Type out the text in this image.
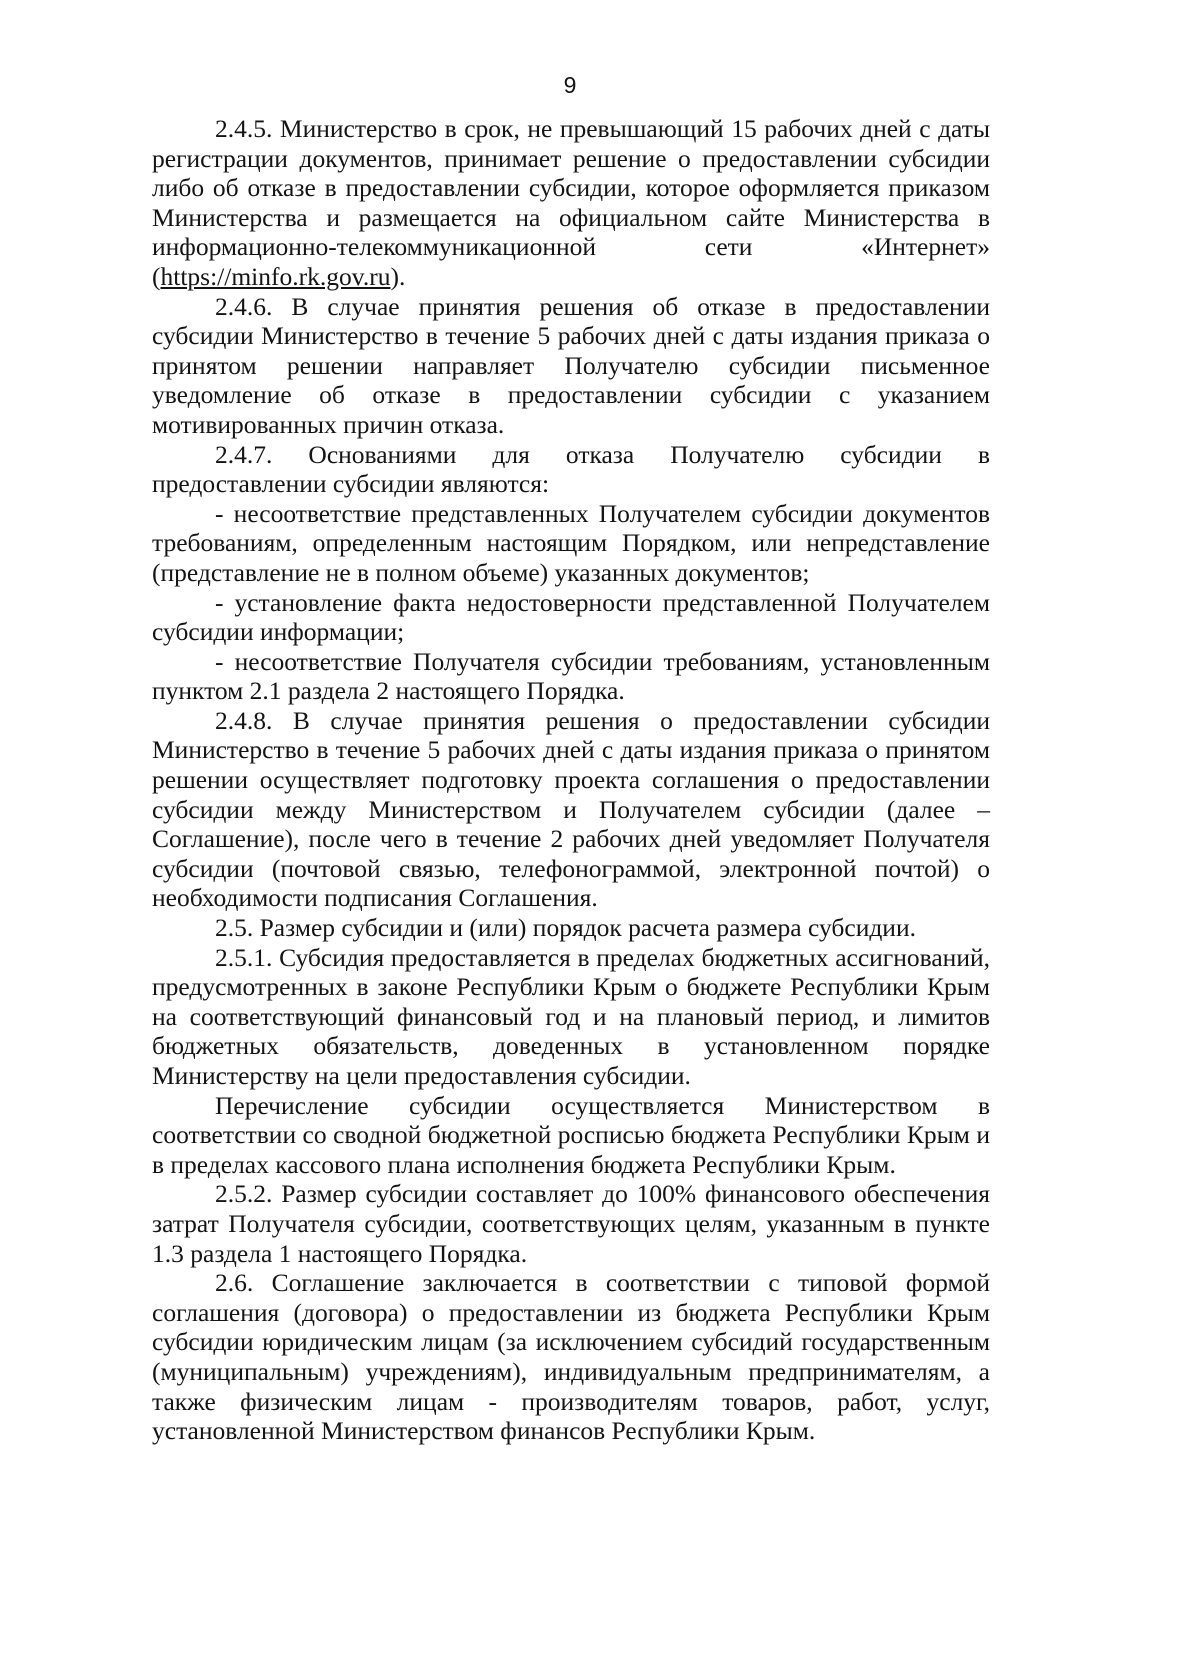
9

2.4.5. Министерство в срок, не превышающий 15 рабочих дней с даты регистрации документов, принимает решение о предоставлении субсидии либо об отказе в предоставлении субсидии, которое оформляется приказом Министерства и размещается на официальном сайте Министерства в информационно-телекоммуникационной сети «Интернет» (https://minfo.rk.gov.ru).

2.4.6. В случае принятия решения об отказе в предоставлении субсидии Министерство в течение 5 рабочих дней с даты издания приказа о принятом решении направляет Получателю субсидии письменное уведомление об отказе в предоставлении субсидии с указанием мотивированных причин отказа.

2.4.7. Основаниями для отказа Получателю субсидии в предоставлении субсидии являются:

- несоответствие представленных Получателем субсидии документов требованиям, определенным настоящим Порядком, или непредставление (представление не в полном объеме) указанных документов;

- установление факта недостоверности представленной Получателем субсидии информации;

- несоответствие Получателя субсидии требованиям, установленным пунктом 2.1 раздела 2 настоящего Порядка.

2.4.8. В случае принятия решения о предоставлении субсидии Министерство в течение 5 рабочих дней с даты издания приказа о принятом решении осуществляет подготовку проекта соглашения о предоставлении субсидии между Министерством и Получателем субсидии (далее – Соглашение), после чего в течение 2 рабочих дней уведомляет Получателя субсидии (почтовой связью, телефонограммой, электронной почтой) о необходимости подписания Соглашения.

2.5. Размер субсидии и (или) порядок расчета размера субсидии.

2.5.1. Субсидия предоставляется в пределах бюджетных ассигнований, предусмотренных в законе Республики Крым о бюджете Республики Крым на соответствующий финансовый год и на плановый период, и лимитов бюджетных обязательств, доведенных в установленном порядке Министерству на цели предоставления субсидии.

Перечисление субсидии осуществляется Министерством в соответствии со сводной бюджетной росписью бюджета Республики Крым и в пределах кассового плана исполнения бюджета Республики Крым.

2.5.2. Размер субсидии составляет до 100% финансового обеспечения затрат Получателя субсидии, соответствующих целям, указанным в пункте 1.3 раздела 1 настоящего Порядка.

2.6. Соглашение заключается в соответствии с типовой формой соглашения (договора) о предоставлении из бюджета Республики Крым субсидии юридическим лицам (за исключением субсидий государственным (муниципальным) учреждениям), индивидуальным предпринимателям, а также физическим лицам - производителям товаров, работ, услуг, установленной Министерством финансов Республики Крым.
